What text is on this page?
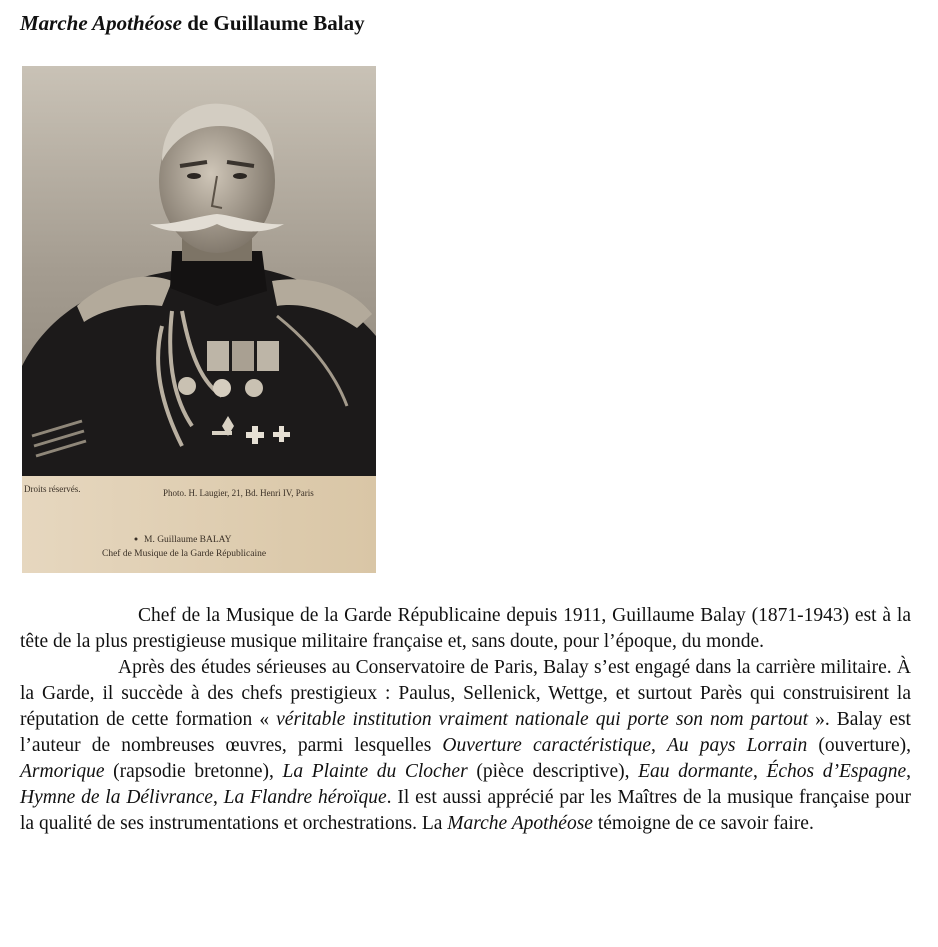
Marche Apothéose de Guillaume Balay
Droits réservés.	Photo. H. Laugier, 21, Bd. Henri IV, Paris
M. Guillaume BALAY
Chef de Musique de la Garde Républicaine

Chef de la Musique de la Garde Républicaine depuis 1911, Guillaume Balay (1871-1943) est à la tête de la plus prestigieuse musique militaire française et, sans doute, pour l’époque, du monde.

Après des études sérieuses au Conservatoire de Paris, Balay s’est engagé dans la carrière militaire. À la Garde, il succède à des chefs prestigieux : Paulus, Sellenick, Wettge, et surtout Parès qui construisirent la réputation de cette formation « véritable institution vraiment nationale qui porte son nom partout ». Balay est l’auteur de nombreuses œuvres, parmi lesquelles Ouverture caractéristique, Au pays Lorrain (ouverture), Armorique (rapsodie bretonne), La Plainte du Clocher (pièce descriptive), Eau dormante, Échos d’Espagne, Hymne de la Délivrance, La Flandre héroïque. Il est aussi apprécié par les Maîtres de la musique française pour la qualité de ses instrumentations et orchestrations. La Marche Apothéose témoigne de ce savoir faire.
